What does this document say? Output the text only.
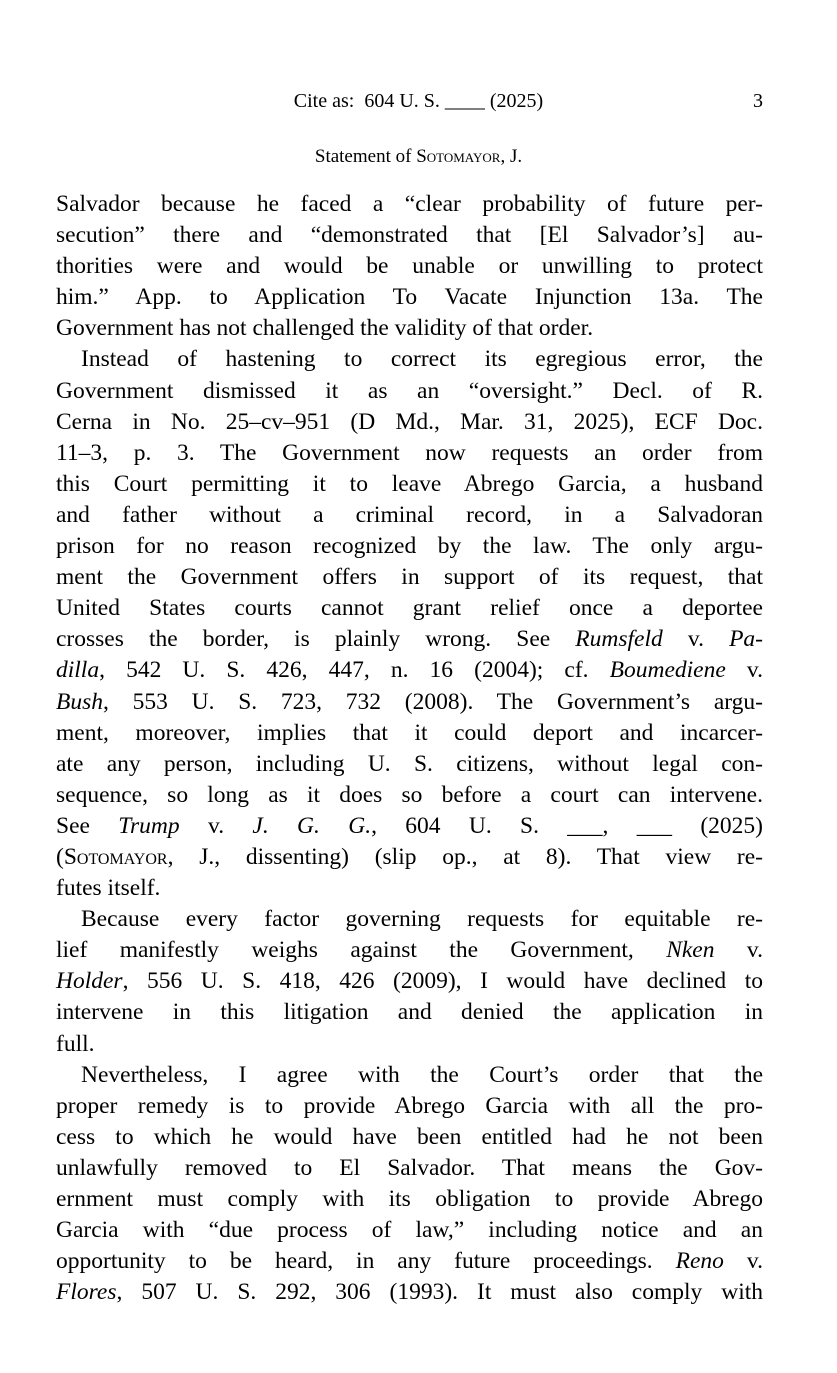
Cite as:  604 U. S. ____ (2025)	3
Statement of Sotomayor, J.
Salvador because he faced a “clear probability of future per-
secution” there and “demonstrated that [El Salvador’s] au-
thorities were and would be unable or unwilling to protect
him.” App. to Application To Vacate Injunction 13a. The
Government has not challenged the validity of that order.
Instead of hastening to correct its egregious error, the
Government dismissed it as an “oversight.” Decl. of R.
Cerna in No. 25–cv–951 (D Md., Mar. 31, 2025), ECF Doc.
11–3, p. 3. The Government now requests an order from
this Court permitting it to leave Abrego Garcia, a husband
and father without a criminal record, in a Salvadoran
prison for no reason recognized by the law. The only argu-
ment the Government offers in support of its request, that
United States courts cannot grant relief once a deportee
crosses the border, is plainly wrong. See Rumsfeld v. Pa-
dilla, 542 U. S. 426, 447, n. 16 (2004); cf. Boumediene v.
Bush, 553 U. S. 723, 732 (2008). The Government’s argu-
ment, moreover, implies that it could deport and incarcer-
ate any person, including U. S. citizens, without legal con-
sequence, so long as it does so before a court can intervene.
See Trump v. J. G. G., 604 U. S. ___, ___ (2025)
(Sotomayor, J., dissenting) (slip op., at 8). That view re-
futes itself.
Because every factor governing requests for equitable re-
lief manifestly weighs against the Government, Nken v.
Holder, 556 U. S. 418, 426 (2009), I would have declined to
intervene in this litigation and denied the application in
full.
Nevertheless, I agree with the Court’s order that the
proper remedy is to provide Abrego Garcia with all the pro-
cess to which he would have been entitled had he not been
unlawfully removed to El Salvador. That means the Gov-
ernment must comply with its obligation to provide Abrego
Garcia with “due process of law,” including notice and an
opportunity to be heard, in any future proceedings. Reno v.
Flores, 507 U. S. 292, 306 (1993). It must also comply with
